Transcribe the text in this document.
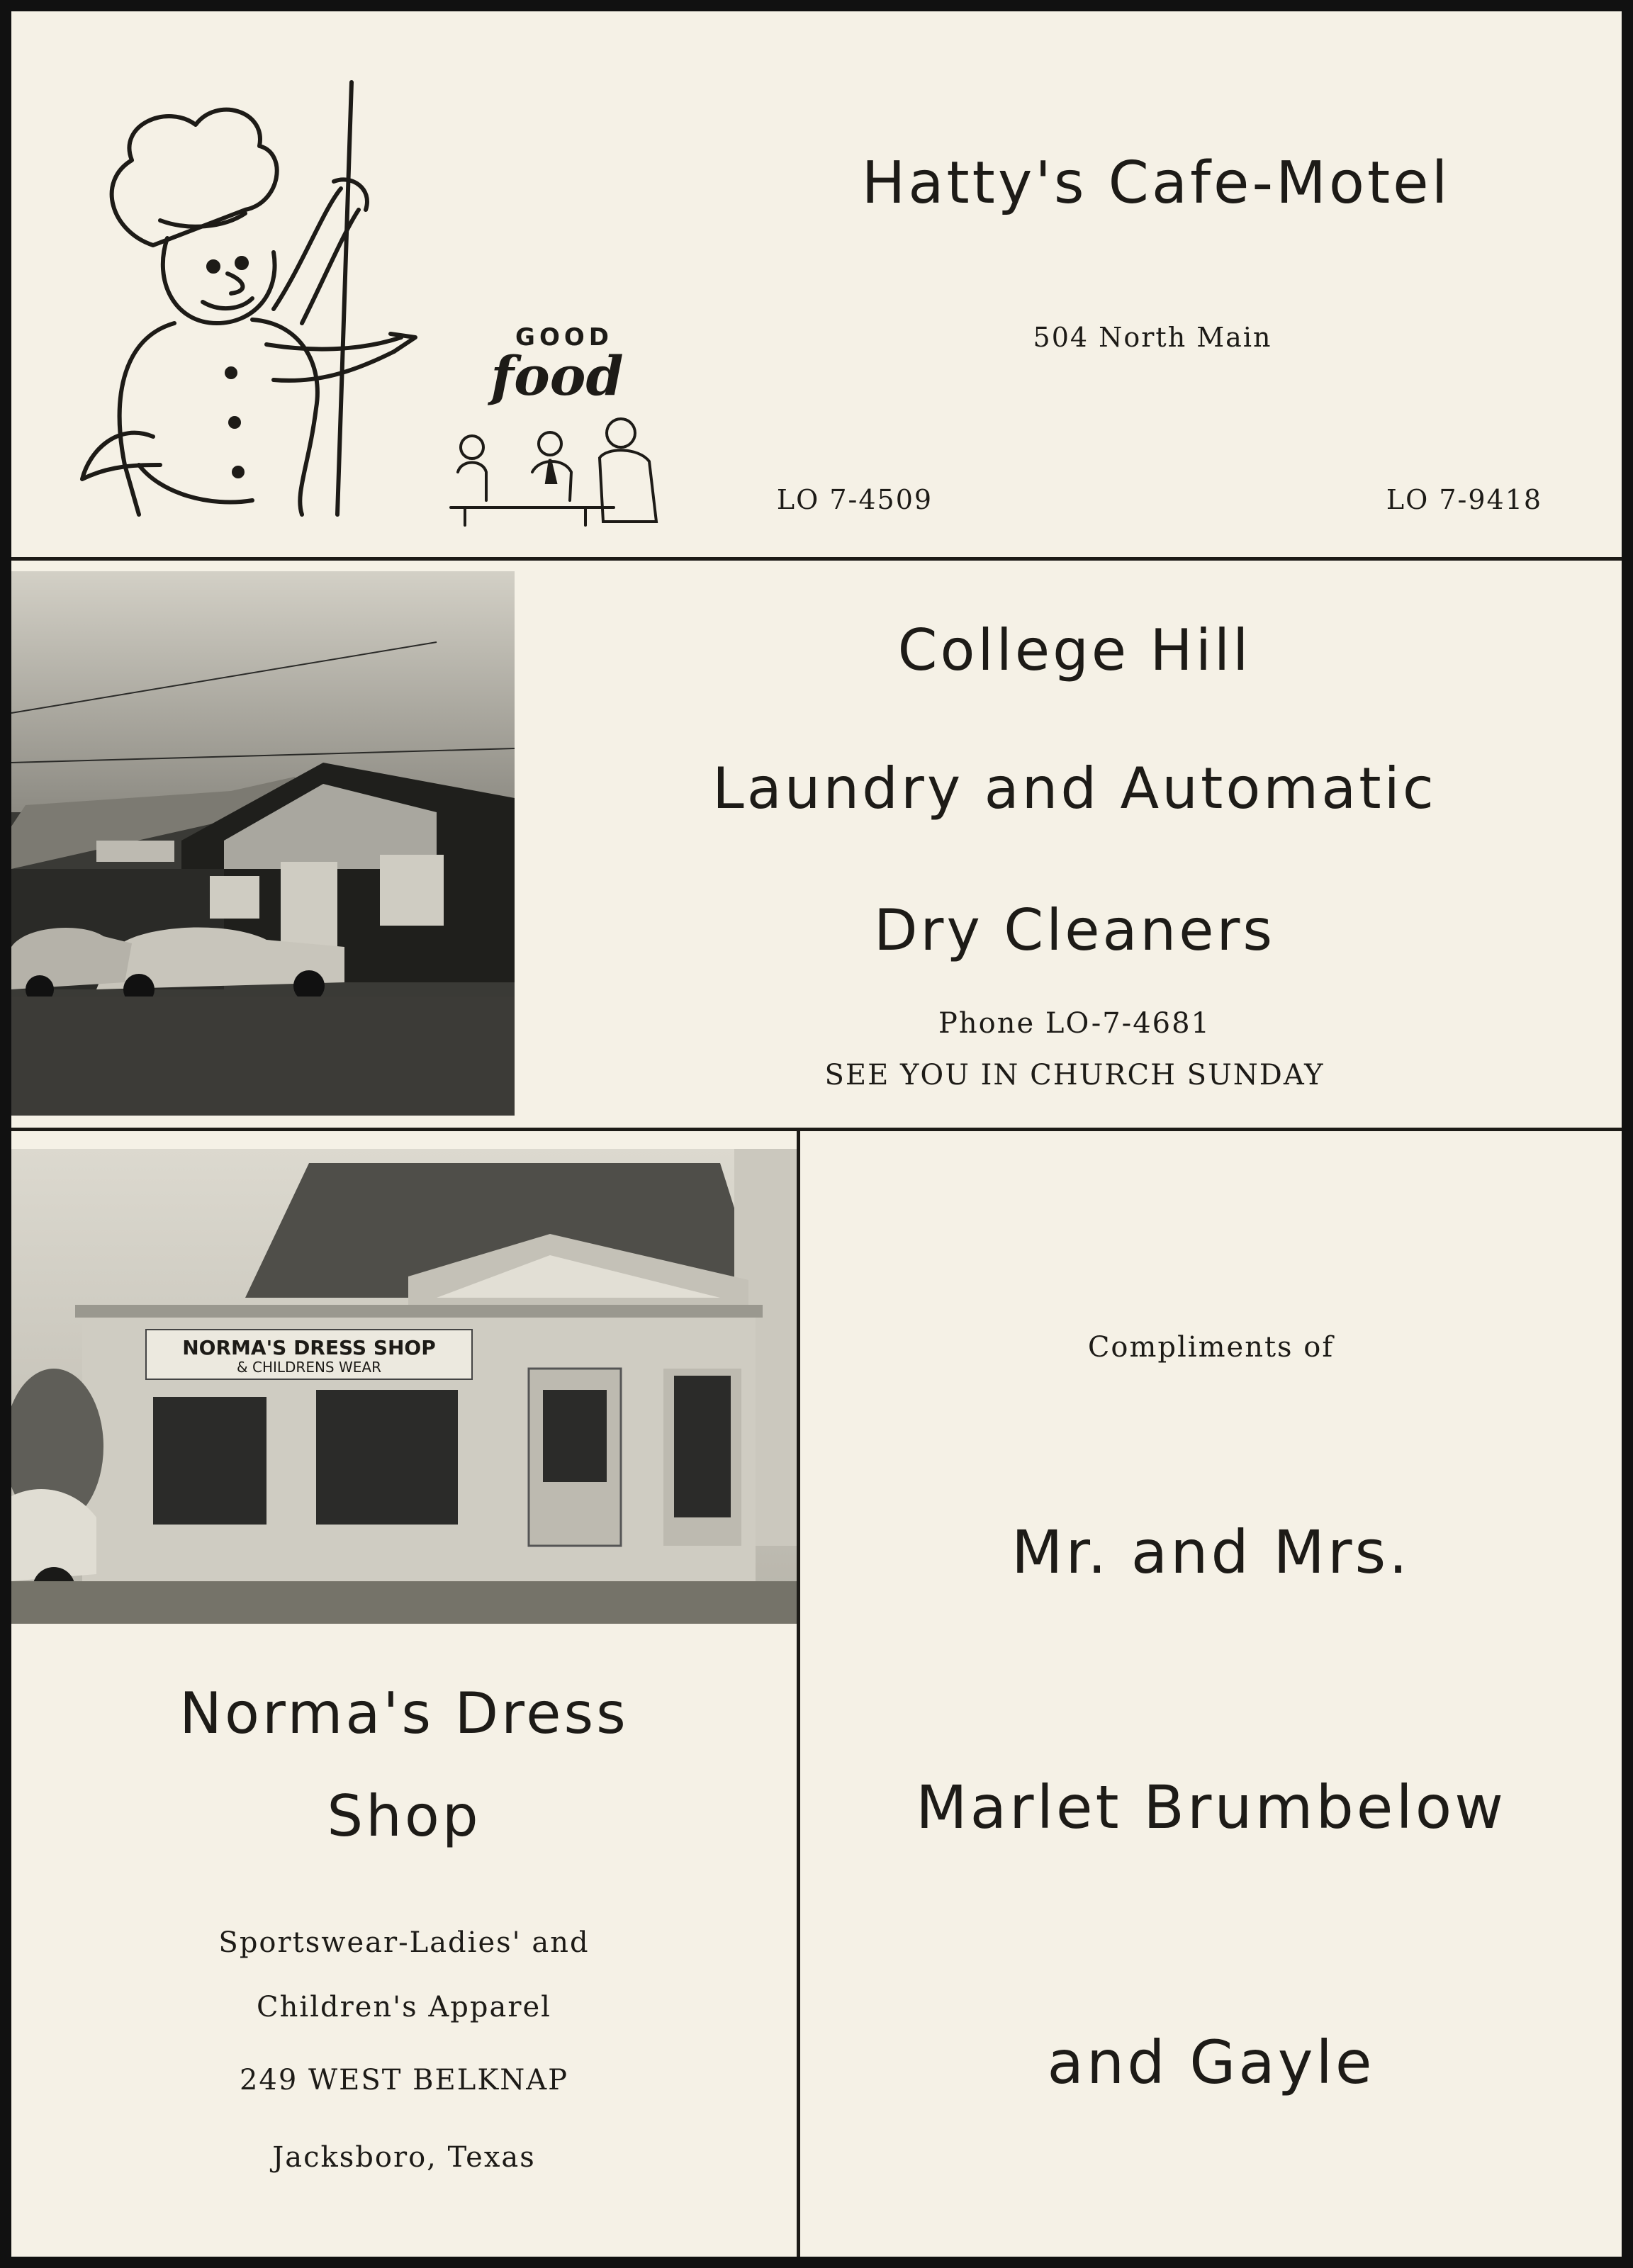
GOOD
food
Hatty's Cafe-Motel
504 North Main
LO 7-4509	LO 7-9418
College Hill
Laundry and Automatic
Dry Cleaners
Phone LO-7-4681
SEE YOU IN CHURCH SUNDAY
NORMA'S DRESS SHOP
& CHILDRENS WEAR
Norma's Dress
Shop
Sportswear-Ladies' and
Children's Apparel
249 WEST BELKNAP
Jacksboro, Texas
Compliments of
Mr. and Mrs.
Marlet Brumbelow
and Gayle
